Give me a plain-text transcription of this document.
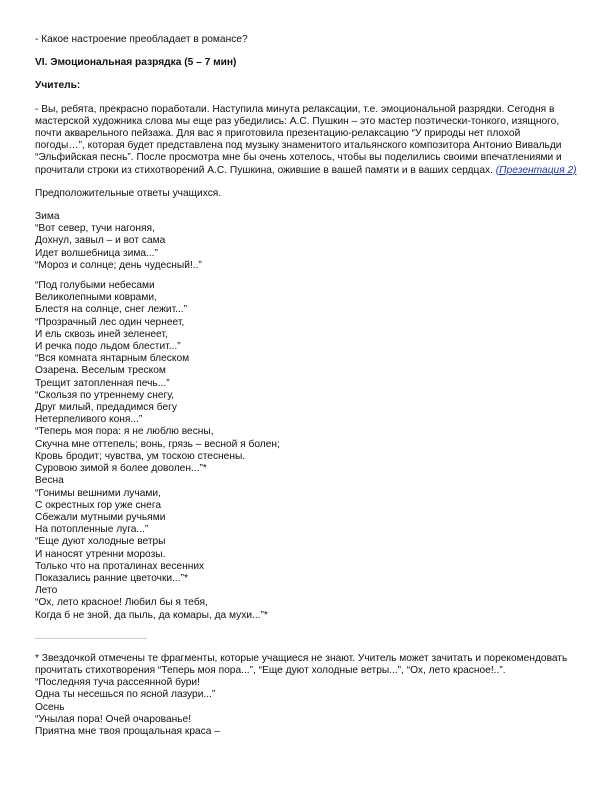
- Какое настроение преобладает в романсе?

VI. Эмоциональная разрядка (5 – 7 мин)

Учитель:

- Вы, ребята, прекрасно поработали. Наступила минута релаксации, т.е. эмоциональной разрядки. Сегодня в

мастерской художника слова мы еще раз убедились: А.С. Пушкин – это мастер поэтически-тонкого, изящного,

почти акварельного пейзажа. Для вас я приготовила презентацию-релаксацию “У природы нет плохой

погоды…”, которая будет представлена под музыку знаменитого итальянского композитора Антонио Вивальди

“Эльфийская песнь”. После просмотра мне бы очень хотелось, чтобы вы поделились своими впечатлениями и

прочитали строки из стихотворений А.С. Пушкина, ожившие в вашей памяти и в ваших сердцах. (Презентация 2)

Предположительные ответы учащихся.

Зима

“Вот север, тучи нагоняя,

Дохнул, завыл – и вот сама

Идет волшебница зима...”

“Мороз и солнце; день чудесный!..”

“Под голубыми небесами

Великолепными коврами,

Блестя на солнце, снег лежит...”

“Прозрачный лес один чернеет,

И ель сквозь иней зеленеет,

И речка подо льдом блестит...”

“Вся комната янтарным блеском

Озарена. Веселым треском

Трещит затопленная печь...”

“Скользя по утреннему снегу,

Друг милый, предадимся бегу

Нетерпеливого коня...”

“Теперь моя пора: я не люблю весны,

Скучна мне оттепель; вонь, грязь – весной я болен;

Кровь бродит; чувства, ум тоскою стеснены.

Суровою зимой я более доволен...”*

Весна

“Гонимы вешними лучами,

С окрестных гор уже снега

Сбежали мутными ручьями

На потопленные луга...”

“Еще дуют холодные ветры

И наносят утренни морозы.

Только что на проталинах весенних

Показались ранние цветочки...”*

Лето

“Ох, лето красное! Любил бы я тебя,

Когда б не зной, да пыль, да комары, да мухи...”*

* Звездочкой отмечены те фрагменты, которые учащиеся не знают. Учитель может зачитать и порекомендовать

прочитать стихотворения “Теперь моя пора...”, “Еще дуют холодные ветры...”, “Ох, лето красное!..”.

“Последняя туча рассеянной бури!

Одна ты несешься по ясной лазури...”

Осень

“Унылая пора! Очей очарованье!

Приятна мне твоя прощальная краса –
